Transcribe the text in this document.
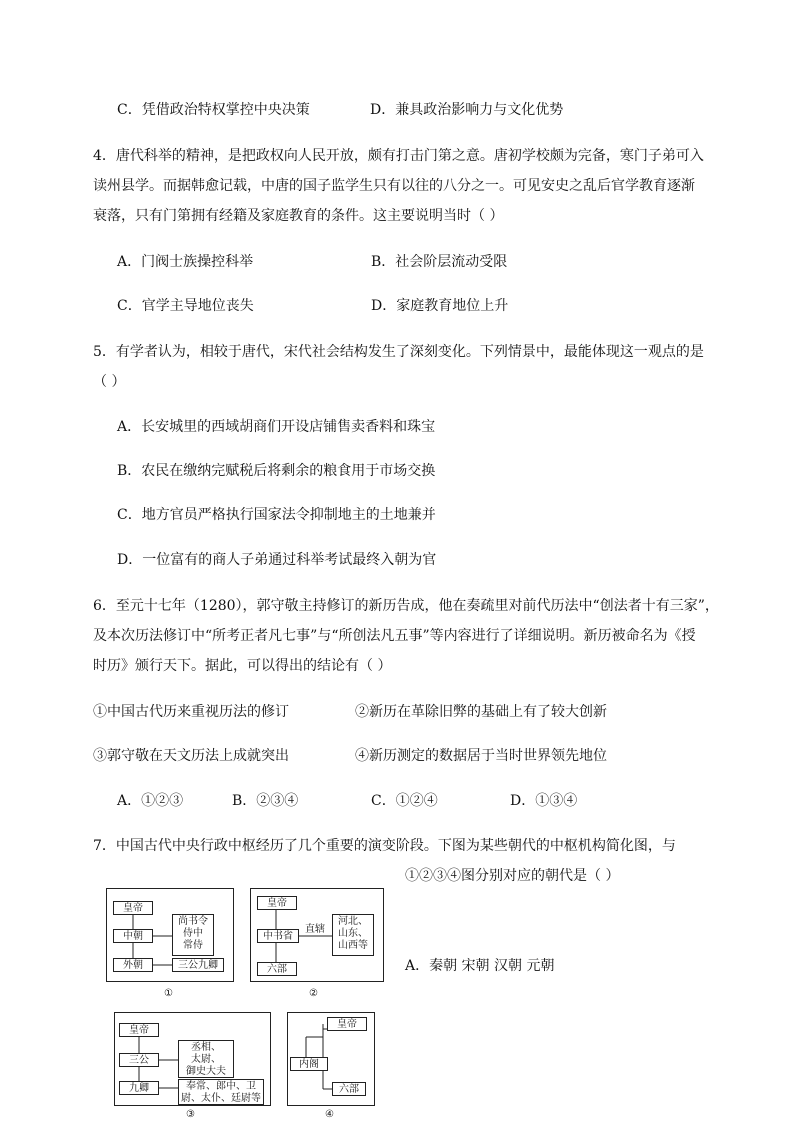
C．凭借政治特权掌控中央决策	D．兼具政治影响力与文化优势
4．唐代科举的精神，是把政权向人民开放，颇有打击门第之意。唐初学校颇为完备，寒门子弟可入
读州县学。而据韩愈记载，中唐的国子监学生只有以往的八分之一。可见安史之乱后官学教育逐渐
衰落，只有门第拥有经籍及家庭教育的条件。这主要说明当时（ ）
A．门阀士族操控科举	B．社会阶层流动受限
C．官学主导地位丧失	D．家庭教育地位上升
5．有学者认为，相较于唐代，宋代社会结构发生了深刻变化。下列情景中，最能体现这一观点的是
（ ）
A．长安城里的西域胡商们开设店铺售卖香料和珠宝
B．农民在缴纳完赋税后将剩余的粮食用于市场交换
C．地方官员严格执行国家法令抑制地主的土地兼并
D．一位富有的商人子弟通过科举考试最终入朝为官
6．至元十七年（1280），郭守敬主持修订的新历告成，他在奏疏里对前代历法中“创法者十有三家”，
及本次历法修订中“所考正者凡七事”与“所创法凡五事”等内容进行了详细说明。新历被命名为《授
时历》颁行天下。据此，可以得出的结论有（ ）
①中国古代历来重视历法的修订	②新历在革除旧弊的基础上有了较大创新
③郭守敬在天文历法上成就突出	④新历测定的数据居于当时世界领先地位
A．①②③	B．②③④	C．①②④	D．①③④
7．中国古代中央行政中枢经历了几个重要的演变阶段。下图为某些朝代的中枢机构简化图，与
①②③④图分别对应的朝代是（ ）
A．秦朝 宋朝 汉朝 元朝
皇帝
中朝
尚书令
侍中
常侍
外朝	三公九卿
①
皇帝
中书省
直辖
河北、
山东、
山西等
六部
②
皇帝
三公
丞相、
太尉、
御史大夫
九卿	奉常、郎中、卫
尉、太仆、廷尉等
③
皇帝
内阁
六部
④
